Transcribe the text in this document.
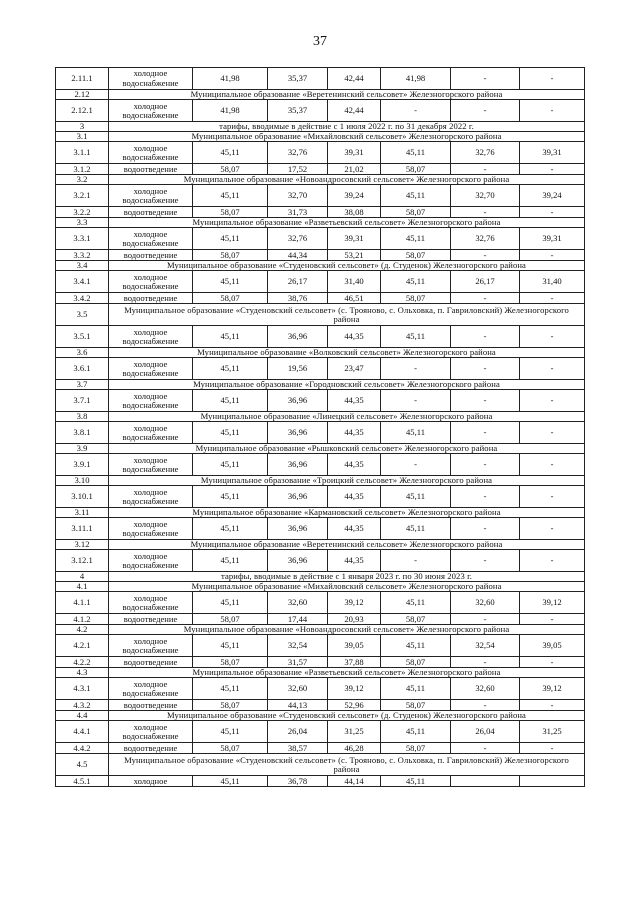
37
2.11.1	холодное водоснабжение	41,98	35,37	42,44	41,98	-	-
2.12	Муниципальное образование «Веретенинский сельсовет» Железногорского района						
2.12.1	холодное водоснабжение	41,98	35,37	42,44	-	-	-
3	тарифы, вводимые в действие с 1 июля 2022 г. по 31 декабря 2022 г.						
3.1	Муниципальное образование «Михайловский сельсовет» Железногорского района						
3.1.1	холодное водоснабжение	45,11	32,76	39,31	45,11	32,76	39,31
3.1.2	водоотведение	58,07	17,52	21,02	58,07	-	-
3.2	Муниципальное образование «Новоандросовский сельсовет» Железногорского района						
3.2.1	холодное водоснабжение	45,11	32,70	39,24	45,11	32,70	39,24
3.2.2	водоотведение	58,07	31,73	38,08	58,07	-	-
3.3	Муниципальное образование «Разветьевский сельсовет» Железногорского района						
3.3.1	холодное водоснабжение	45,11	32,76	39,31	45,11	32,76	39,31
3.3.2	водоотведение	58,07	44,34	53,21	58,07	-	-
3.4	Муниципальное образование «Студеновский сельсовет» (д. Студенок) Железногорского района						
3.4.1	холодное водоснабжение	45,11	26,17	31,40	45,11	26,17	31,40
3.4.2	водоотведение	58,07	38,76	46,51	58,07	-	-
3.5	Муниципальное образование «Студеновский сельсовет» (с. Трояново, с. Ольховка, п. Гавриловский) Железногорского района						
3.5.1	холодное водоснабжение	45,11	36,96	44,35	45,11	-	-
3.6	Муниципальное образование «Волковский сельсовет» Железногорского района						
3.6.1	холодное водоснабжение	45,11	19,56	23,47	-	-	-
3.7	Муниципальное образование «Городновский сельсовет» Железногорского района						
3.7.1	холодное водоснабжение	45,11	36,96	44,35	-	-	-
3.8	Муниципальное образование «Линецкий сельсовет» Железногорского района						
3.8.1	холодное водоснабжение	45,11	36,96	44,35	45,11	-	-
3.9	Муниципальное образование «Рышковский сельсовет» Железногорского района						
3.9.1	холодное водоснабжение	45,11	36,96	44,35	-	-	-
3.10	Муниципальное образование «Троицкий сельсовет» Железногорского района						
3.10.1	холодное водоснабжение	45,11	36,96	44,35	45,11	-	-
3.11	Муниципальное образование «Кармановский сельсовет» Железногорского района						
3.11.1	холодное водоснабжение	45,11	36,96	44,35	45,11	-	-
3.12	Муниципальное образование «Веретенинский сельсовет» Железногорского района						
3.12.1	холодное водоснабжение	45,11	36,96	44,35	-	-	-
4	тарифы, вводимые в действие с 1 января 2023 г. по 30 июня 2023 г.						
4.1	Муниципальное образование «Михайловский сельсовет» Железногорского района						
4.1.1	холодное водоснабжение	45,11	32,60	39,12	45,11	32,60	39,12
4.1.2	водоотведение	58,07	17,44	20,93	58,07	-	-
4.2	Муниципальное образование «Новоандросовский сельсовет» Железногорского района						
4.2.1	холодное водоснабжение	45,11	32,54	39,05	45,11	32,54	39,05
4.2.2	водоотведение	58,07	31,57	37,88	58,07	-	-
4.3	Муниципальное образование «Разветьевский сельсовет» Железногорского района						
4.3.1	холодное водоснабжение	45,11	32,60	39,12	45,11	32,60	39,12
4.3.2	водоотведение	58,07	44,13	52,96	58,07	-	-
4.4	Муниципальное образование «Студеновский сельсовет» (д. Студенок) Железногорского района						
4.4.1	холодное водоснабжение	45,11	26,04	31,25	45,11	26,04	31,25
4.4.2	водоотведение	58,07	38,57	46,28	58,07	-	-
4.5	Муниципальное образование «Студеновский сельсовет» (с. Трояново, с. Ольховка, п. Гавриловский) Железногорского района						
4.5.1	холодное	45,11	36,78	44,14	45,11		
